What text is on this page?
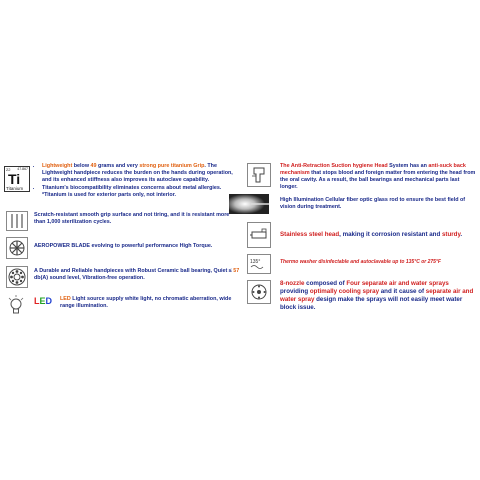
22 47.867
Ti
Titanium
• Lightweight below 49 grams and very strong pure titanium Grip. The Lightweight handpiece reduces the burden on the hands during operation, and its enhanced stiffness also improves its autoclave capability.
• Titanium's biocompatibility eliminates concerns about metal allergies. *Titanium is used for exterior parts only, not interior.
Scratch-resistant smooth grip surface and not tiring, and it is resistant more than 1,000 sterilization cycles.
AEROPOWER BLADE evolving to powerful performance High Torque.
A Durable and Reliable handpieces with Robust Ceramic ball bearing, Quiet ≤ 57 db(A) sound level, Vibration-free operation.
LED LED Light source supply white light, no chromatic aberration, wide range illumination.
The Anti-Retraction Suction hygiene Head System has an anti-suck back mechanism that stops blood and foreign matter from entering the head from the oral cavity. As a result, the ball bearings and mechanical parts last longer.
High Illumination Cellular fiber optic glass rod to ensure the best field of vision during treatment.
Stainless steel head, making it corrosion resistant and sturdy.
135°	Thermo washer disinfectable and autoclavable up to 135°C or 275°F
8-nozzle composed of Four separate air and water sprays providing optimally cooling spray and it cause of separate air and water spray design make the sprays will not easily meet water block issue.
